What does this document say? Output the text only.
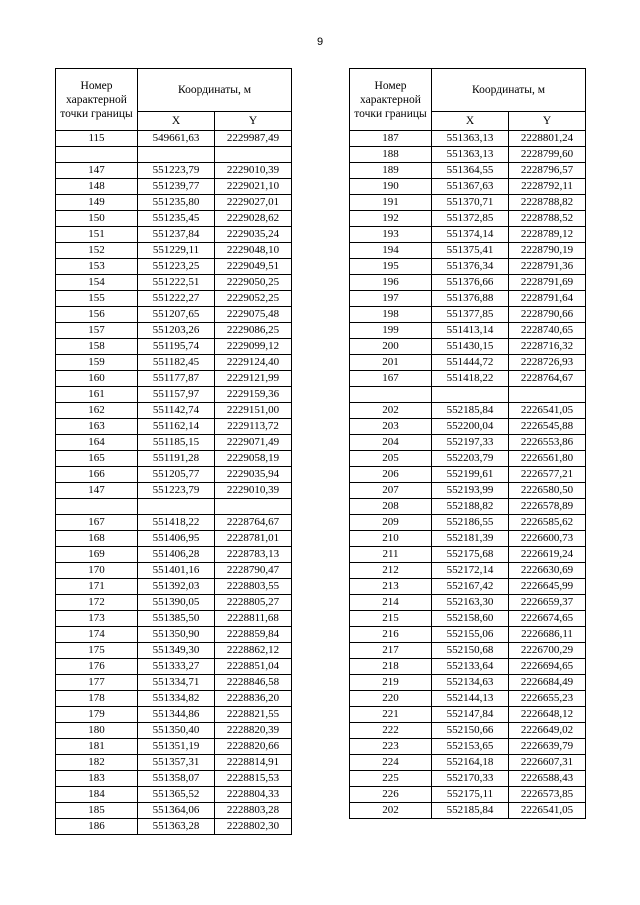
9
Номер характерной точки границы	Координаты, м	
	X	Y
115	549661,63	2229987,49

147	551223,79	2229010,39
148	551239,77	2229021,10
149	551235,80	2229027,01
150	551235,45	2229028,62
151	551237,84	2229035,24
152	551229,11	2229048,10
153	551223,25	2229049,51
154	551222,51	2229050,25
155	551222,27	2229052,25
156	551207,65	2229075,48
157	551203,26	2229086,25
158	551195,74	2229099,12
159	551182,45	2229124,40
160	551177,87	2229121,99
161	551157,97	2229159,36
162	551142,74	2229151,00
163	551162,14	2229113,72
164	551185,15	2229071,49
165	551191,28	2229058,19
166	551205,77	2229035,94
147	551223,79	2229010,39

167	551418,22	2228764,67
168	551406,95	2228781,01
169	551406,28	2228783,13
170	551401,16	2228790,47
171	551392,03	2228803,55
172	551390,05	2228805,27
173	551385,50	2228811,68
174	551350,90	2228859,84
175	551349,30	2228862,12
176	551333,27	2228851,04
177	551334,71	2228846,58
178	551334,82	2228836,20
179	551344,86	2228821,55
180	551350,40	2228820,39
181	551351,19	2228820,66
182	551357,31	2228814,91
183	551358,07	2228815,53
184	551365,52	2228804,33
185	551364,06	2228803,28
186	551363,28	2228802,30
Номер характерной точки границы	Координаты, м	
	X	Y
187	551363,13	2228801,24
188	551363,13	2228799,60
189	551364,55	2228796,57
190	551367,63	2228792,11
191	551370,71	2228788,82
192	551372,85	2228788,52
193	551374,14	2228789,12
194	551375,41	2228790,19
195	551376,34	2228791,36
196	551376,66	2228791,69
197	551376,88	2228791,64
198	551377,85	2228790,66
199	551413,14	2228740,65
200	551430,15	2228716,32
201	551444,72	2228726,93
167	551418,22	2228764,67

202	552185,84	2226541,05
203	552200,04	2226545,88
204	552197,33	2226553,86
205	552203,79	2226561,80
206	552199,61	2226577,21
207	552193,99	2226580,50
208	552188,82	2226578,89
209	552186,55	2226585,62
210	552181,39	2226600,73
211	552175,68	2226619,24
212	552172,14	2226630,69
213	552167,42	2226645,99
214	552163,30	2226659,37
215	552158,60	2226674,65
216	552155,06	2226686,11
217	552150,68	2226700,29
218	552133,64	2226694,65
219	552134,63	2226684,49
220	552144,13	2226655,23
221	552147,84	2226648,12
222	552150,66	2226649,02
223	552153,65	2226639,79
224	552164,18	2226607,31
225	552170,33	2226588,43
226	552175,11	2226573,85
202	552185,84	2226541,05
